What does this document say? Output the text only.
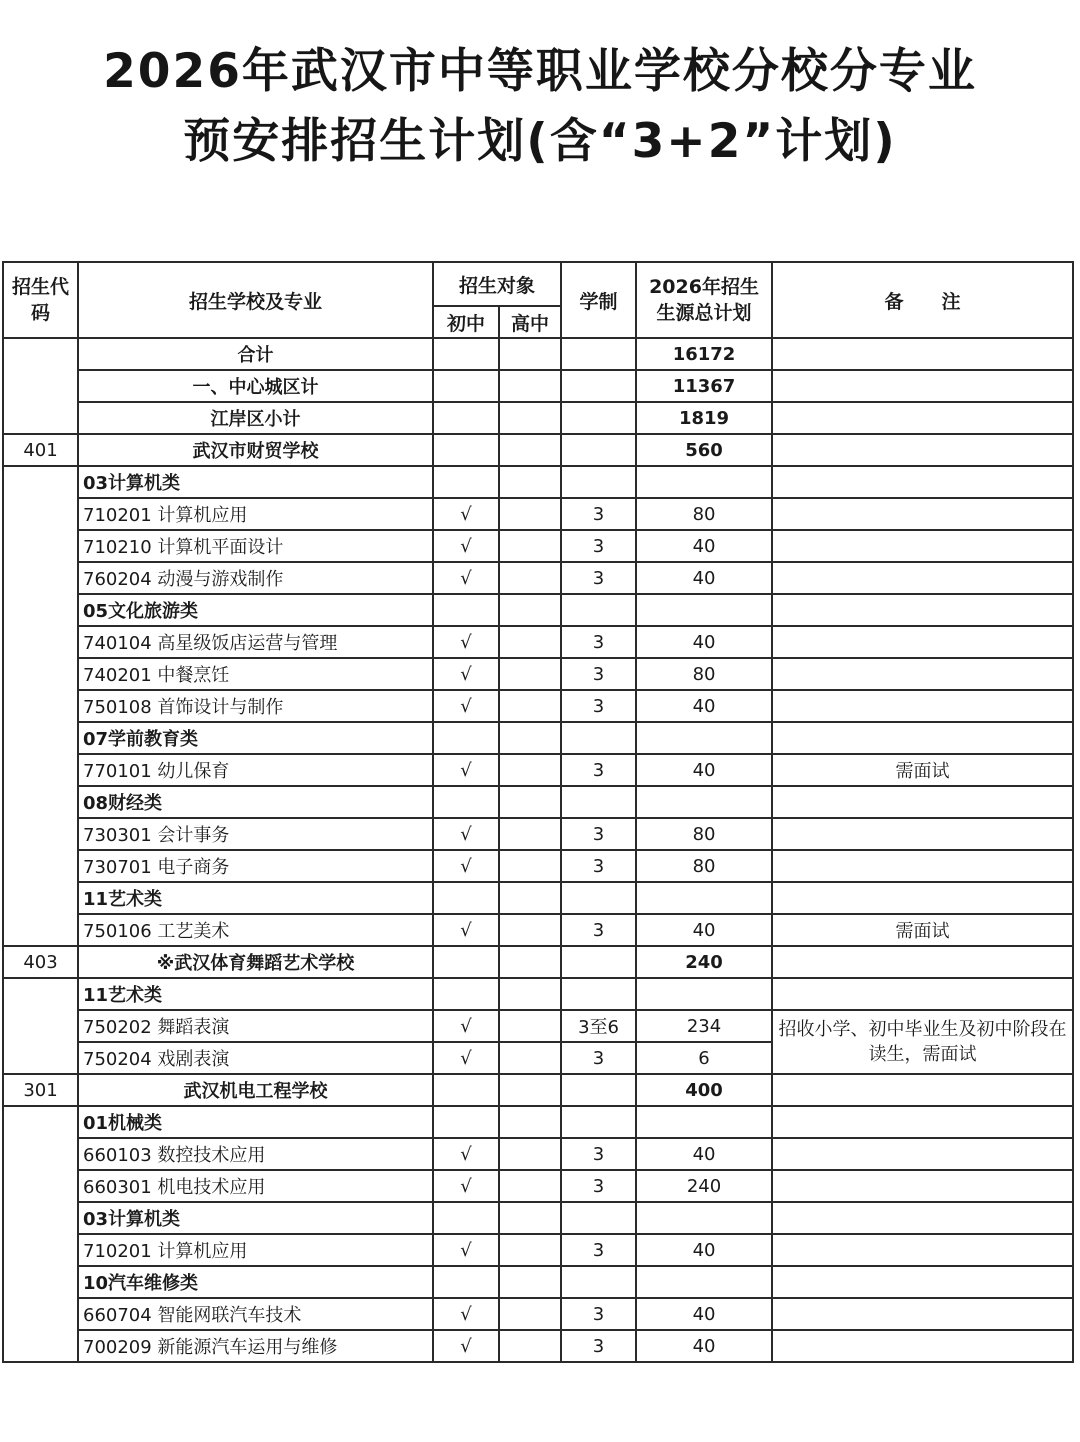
2026年武汉市中等职业学校分校分专业
预安排招生计划(含“3+2”计划)
招生代码	招生学校及专业	招生对象		学制	2026年招生生源总计划	备　　注
		初中	高中			
	合计				16172	
	一、中心城区计				11367	
	江岸区小计				1819	
401	武汉市财贸学校				560	
	03计算机类					
	710201 计算机应用	√		3	80	
	710210 计算机平面设计	√		3	40	
	760204 动漫与游戏制作	√		3	40	
	05文化旅游类					
	740104 高星级饭店运营与管理	√		3	40	
	740201 中餐烹饪	√		3	80	
	750108 首饰设计与制作	√		3	40	
	07学前教育类					
	770101 幼儿保育	√		3	40	需面试
	08财经类					
	730301 会计事务	√		3	80	
	730701 电子商务	√		3	80	
	11艺术类					
	750106 工艺美术	√		3	40	需面试
403	※武汉体育舞蹈艺术学校				240	
	11艺术类					
	750202 舞蹈表演	√		3至6	234	招收小学、初中毕业生及初中阶段在读生，需面试
	750204 戏剧表演	√		3	6	
301	武汉机电工程学校				400	
	01机械类					
	660103 数控技术应用	√		3	40	
	660301 机电技术应用	√		3	240	
	03计算机类					
	710201 计算机应用	√		3	40	
	10汽车维修类					
	660704 智能网联汽车技术	√		3	40	
	700209 新能源汽车运用与维修	√		3	40	
